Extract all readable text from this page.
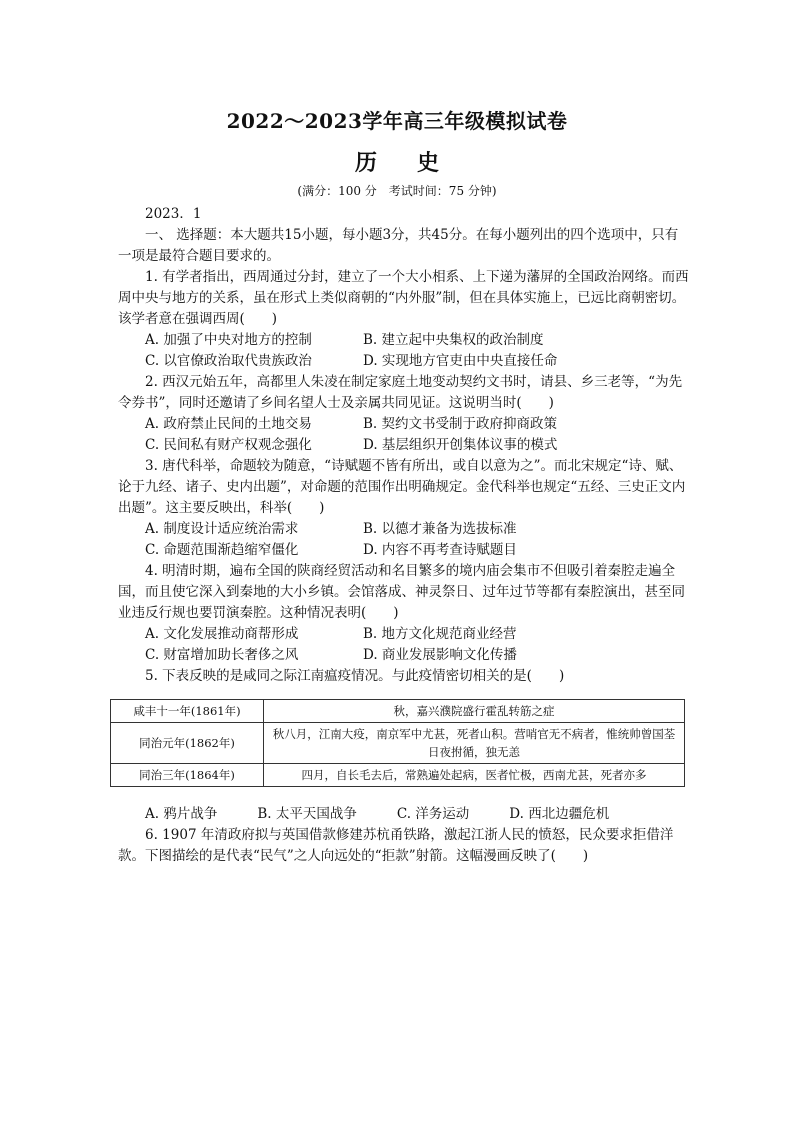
2022～2023学年高三年级模拟试卷
历 史
(满分：100 分　考试时间：75 分钟)

2023．1

一、 选择题：本大题共15小题，每小题3分，共45分。在每小题列出的四个选项中，只有一项是最符合题目要求的。

1. 有学者指出，西周通过分封，建立了一个大小相系、上下递为藩屏的全国政治网络。而西周中央与地方的关系，虽在形式上类似商朝的“内外服”制，但在具体实施上，已远比商朝密切。该学者意在强调西周(　　)

A. 加强了中央对地方的控制	B. 建立起中央集权的政治制度

C. 以官僚政治取代贵族政治	D. 实现地方官吏由中央直接任命

2. 西汉元始五年，高都里人朱凌在制定家庭土地变动契约文书时，请县、乡三老等，“为先令券书”，同时还邀请了乡间名望人士及亲属共同见证。这说明当时(　　)

A. 政府禁止民间的土地交易	B. 契约文书受制于政府抑商政策

C. 民间私有财产权观念强化	D. 基层组织开创集体议事的模式

3. 唐代科举，命题较为随意，“诗赋题不皆有所出，或自以意为之”。而北宋规定“诗、赋、论于九经、诸子、史内出题”，对命题的范围作出明确规定。金代科举也规定“五经、三史正文内出题”。这主要反映出，科举(　　)

A. 制度设计适应统治需求	B. 以德才兼备为选拔标准

C. 命题范围渐趋缩窄僵化	D. 内容不再考查诗赋题目

4. 明清时期，遍布全国的陕商经贸活动和名目繁多的境内庙会集市不但吸引着秦腔走遍全国，而且使它深入到秦地的大小乡镇。会馆落成、神灵祭日、过年过节等都有秦腔演出，甚至同业违反行规也要罚演秦腔。这种情况表明(　　)

A. 文化发展推动商帮形成	B. 地方文化规范商业经营

C. 财富增加助长奢侈之风	D. 商业发展影响文化传播

5. 下表反映的是咸同之际江南瘟疫情况。与此疫情密切相关的是(　　)

咸丰十一年(1861年)	秋，嘉兴濮院盛行霍乱转筋之症
同治元年(1862年)	秋八月，江南大疫，南京军中尤甚，死者山积。营哨官无不病者，惟统帅曾国荃日夜拊循，独无恙
同治三年(1864年)	四月，自长毛去后，常熟遍处起病，医者忙极，西南尤甚，死者亦多

A. 鸦片战争	B. 太平天国战争	C. 洋务运动	D. 西北边疆危机

6. 1907 年清政府拟与英国借款修建苏杭甬铁路，激起江浙人民的愤怒，民众要求拒借洋款。下图描绘的是代表“民气”之人向远处的“拒款”射箭。这幅漫画反映了(　　)
